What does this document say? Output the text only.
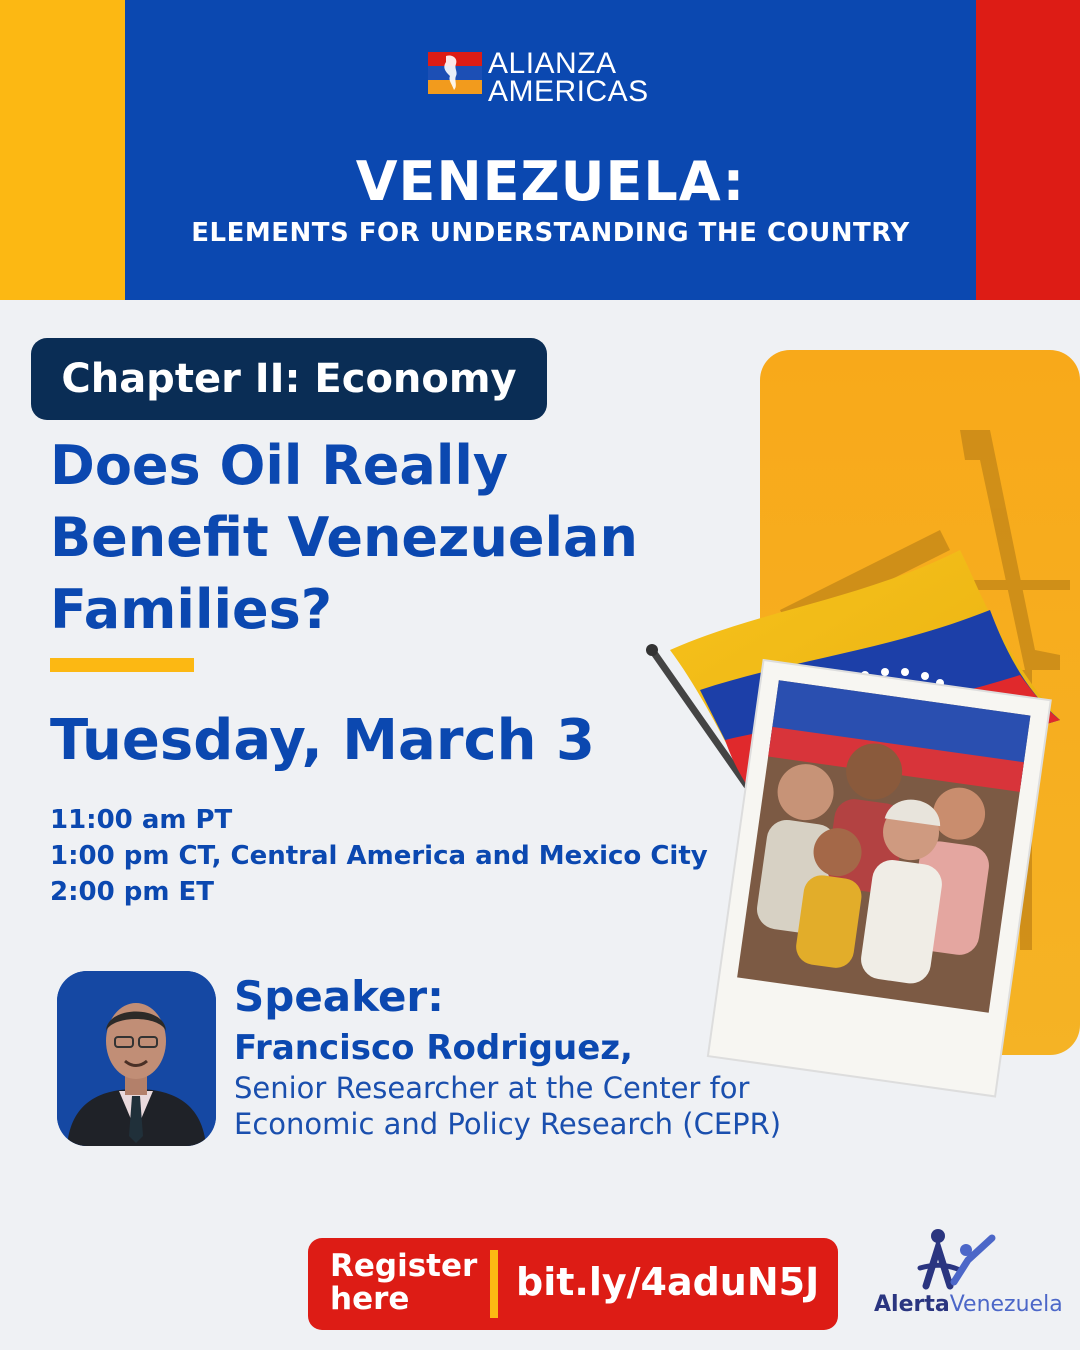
ALIANZA
AMERICAS
VENEZUELA:
ELEMENTS FOR UNDERSTANDING THE COUNTRY
Chapter II: Economy
Does Oil Really
Benefit Venezuelan
Families?
Tuesday, March 3
11:00 am PT
1:00 pm CT, Central America and Mexico City
2:00 pm ET
Speaker:
Francisco Rodriguez,
Senior Researcher at the Center for
Economic and Policy Research (CEPR)
Register
here	bit.ly/4aduN5J
AlertaVenezuela
